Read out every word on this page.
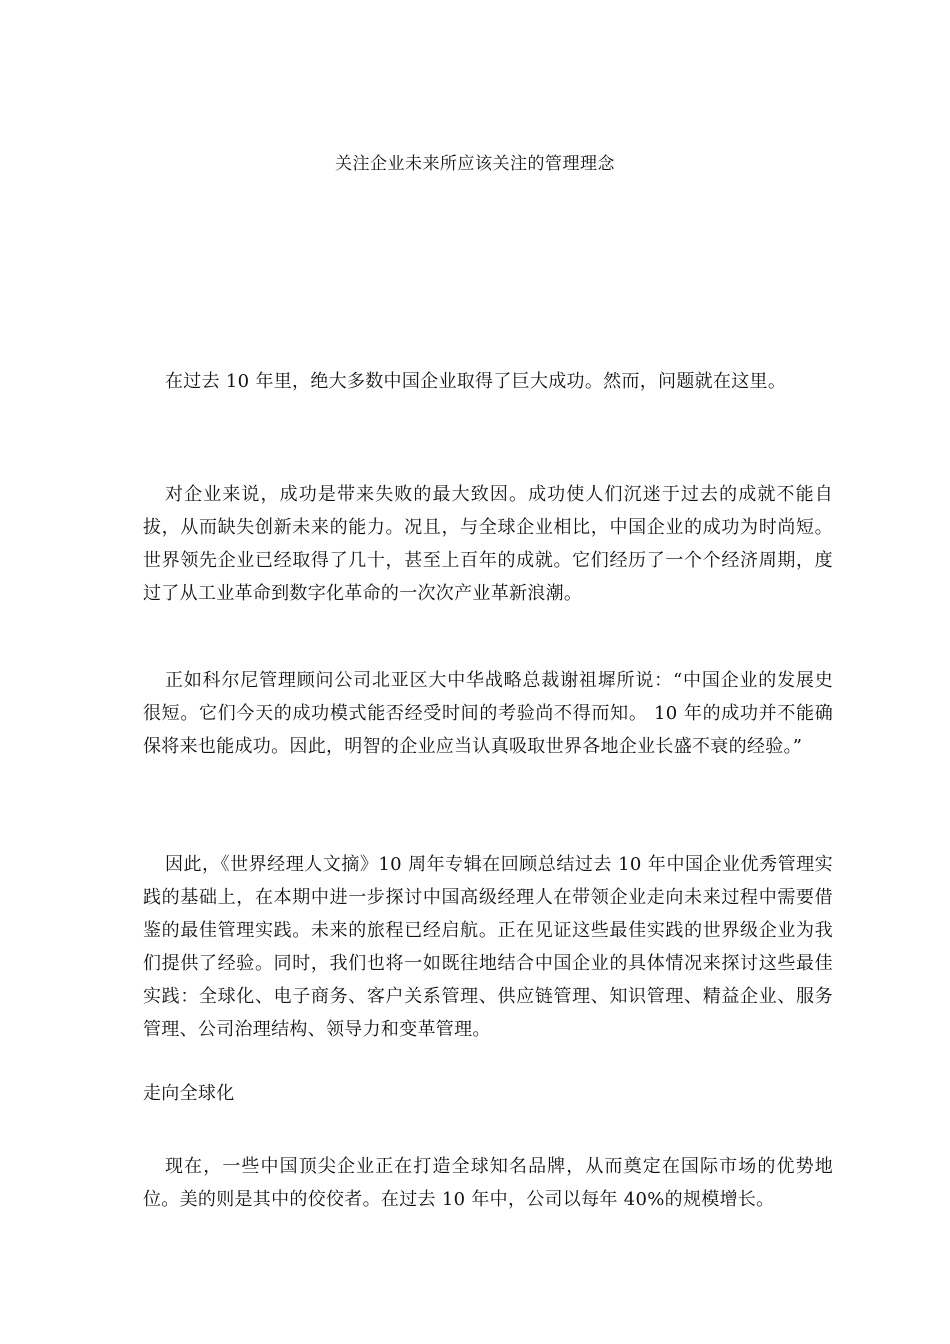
关注企业未来所应该关注的管理理念
在过去 10 年里，绝大多数中国企业取得了巨大成功。然而，问题就在这里。
对企业来说，成功是带来失败的最大致因。成功使人们沉迷于过去的成就不能自拔，从而缺失创新未来的能力。况且，与全球企业相比，中国企业的成功为时尚短。世界领先企业已经取得了几十，甚至上百年的成就。它们经历了一个个经济周期，度过了从工业革命到数字化革命的一次次产业革新浪潮。
正如科尔尼管理顾问公司北亚区大中华战略总裁谢祖墀所说：“中国企业的发展史很短。它们今天的成功模式能否经受时间的考验尚不得而知。 10 年的成功并不能确保将来也能成功。因此，明智的企业应当认真吸取世界各地企业长盛不衰的经验。”
因此，《世界经理人文摘》10 周年专辑在回顾总结过去 10 年中国企业优秀管理实践的基础上，在本期中进一步探讨中国高级经理人在带领企业走向未来过程中需要借鉴的最佳管理实践。未来的旅程已经启航。正在见证这些最佳实践的世界级企业为我们提供了经验。同时，我们也将一如既往地结合中国企业的具体情况来探讨这些最佳实践：全球化、电子商务、客户关系管理、供应链管理、知识管理、精益企业、服务管理、公司治理结构、领导力和变革管理。
走向全球化
现在，一些中国顶尖企业正在打造全球知名品牌，从而奠定在国际市场的优势地位。美的则是其中的佼佼者。在过去 10 年中，公司以每年 40%的规模增长。
